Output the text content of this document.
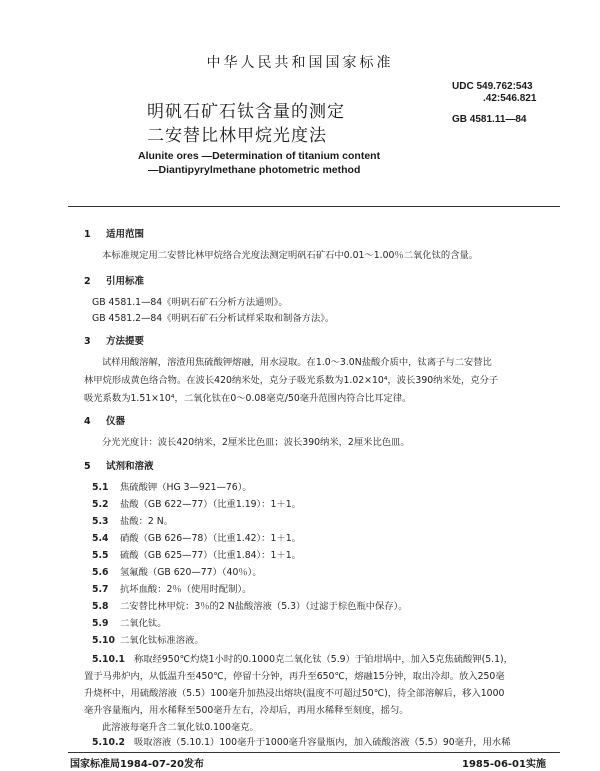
中华人民共和国国家标准
UDC 549.762:543
.42:546.821
GB 4581.11—84
明矾石矿石钛含量的测定
二安替比林甲烷光度法
Alunite ores —Determination of titanium content
—Diantipyrylmethane photometric method
1 适用范围
本标准规定用二安替比林甲烷络合光度法测定明矾石矿石中0.01～1.00％二氧化钛的含量。
2 引用标准
GB 4581.1—84《明矾石矿石分析方法通则》。
GB 4581.2—84《明矾石矿石分析试样采取和制备方法》。
3 方法提要
试样用酸溶解，溶渣用焦硫酸钾熔融，用水浸取。在1.0～3.0N盐酸介质中，钛离子与二安替比
林甲烷形成黄色络合物。在波长420纳米处，克分子吸光系数为1.02×10⁴，波长390纳米处，克分子
吸光系数为1.51×10⁴，二氧化钛在0～0.08毫克/50毫升范围内符合比耳定律。
4 仪器
分光光度计：波长420纳米，2厘米比色皿；波长390纳米，2厘米比色皿。
5 试剂和溶液
5.1 焦硫酸钾（HG 3—921—76）。
5.2 盐酸（GB 622—77）（比重1.19）：1＋1。
5.3 盐酸：2 N。
5.4 硝酸（GB 626—78）（比重1.42）：1＋1。
5.5 硫酸（GB 625—77）（比重1.84）：1＋1。
5.6 氢氟酸（GB 620—77）（40％）。
5.7 抗坏血酸：2％（使用时配制）。
5.8 二安替比林甲烷：3％的2 N盐酸溶液（5.3）（过滤于棕色瓶中保存）。
5.9 二氧化钛。
5.10 二氧化钛标准溶液。
5.10.1 称取经950℃灼烧1小时的0.1000克二氧化钛（5.9）于铂坩埚中，加入5克焦硫酸钾(5.1)，
置于马弗炉内，从低温升至450℃，停留十分钟，再升至650℃，熔融15分钟，取出冷却。放入250毫
升烧杯中，用硫酸溶液（5.5）100毫升加热浸出熔块(温度不可超过50℃)，待全部溶解后，移入1000
毫升容量瓶内，用水稀释至500毫升左右，冷却后，再用水稀释至刻度，摇匀。
此溶液每毫升含二氧化钛0.100毫克。
5.10.2 吸取溶液（5.10.1）100毫升于1000毫升容量瓶内，加入硫酸溶液（5.5）90毫升，用水稀
国家标准局1984-07-20发布	1985-06-01实施
